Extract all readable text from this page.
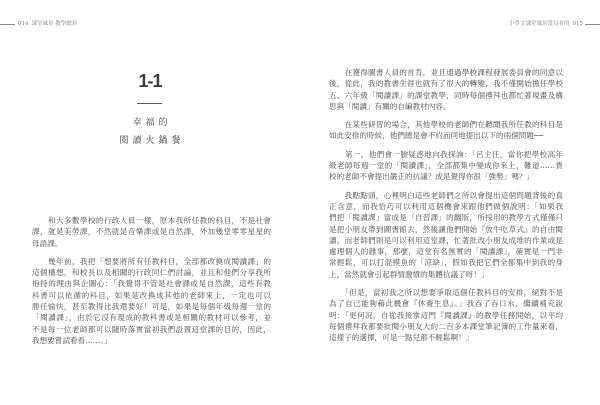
014 課堂風景 教學總彩
1-1
幸福的
閱讀火鍋餐
　　和大多數學校的行政人員一樣，原本我所任教的科目，不是社會
課，就是美勞課，不然就是音樂課或是自然課，外加幾堂零零星星的
母語課。
　　幾年前，我把「想要將所有任教科目，全部都改換成閱讀課」的
這個構想，和校長以及相關的行政同仁們討論，並且和他們分享我所
抱持的理由與企圖心：「我覺得不管是社會課或是自然課，這些有教
科書可以依循的科目，如果是改換成其他的老師來上，一定也可以
勝任愉快，甚至教得比我還要好！可是，如果是每個年級每週一堂的
「閱讀課」，由於它沒有現成的教科書或是相關的教材可以參考，並
不是每一位老師都可以隨時落實當初我們設置這堂課的目的，因此，
我想要嘗試看看……。」
小學文課堂風景當局看的 015
　　在獲得圖書人員的首肯，並且通過學校課程發展委員會的同意以
後，從此，我的教書生涯也就有了很大的轉變，我不僅開始擔任學校
五、六年級「閱讀課」的課堂教學，同時每個禮拜也都忙著規畫及構
思與「閱讀」有關的自編教材內容。
　　在某些研習的場合，其他學校的老師們在聽聞我所任教的科目是
如此安排的時候，他們總是會不約而同地提出以下的兩個問題──
　　第一，他們會一臉疑惑地向我探詢：「呂主任，當你把學校高年
級老師每週一堂的「閱讀課」，全部都集中變成你來上，難道……貴
校的老師不會提出嚴正的抗議？或是覺得你很「強勢」嗎？」
　　我點點頭，心裡明白這些老師們之所以會提出這個問題背後的真
正含意，而我恰巧可以利用這個機會來跟他們做個說明：「如果我
們把「閱讀課」當成是「自習課」的翻版，所採用的教學方式僅僅只
是把小朋友帶到圖書館去，然後讓他們開始『放牛吃草式』的自由閱
讀，而老師們則是可以利用這堂課，忙著批改小朋友成堆的作業或是
處理個人的雜事，那麼，這堂有名無實的「閱讀課」，確實是一門非
常輕鬆，可以打混摸魚的「涼缺」，假如我把它們全都集中到我的身
上，當然就會引起群情激憤的集體抗議了呀！」
　　「但是，當初我之所以想要爭取這個任教科目的安排，絕對不是
為了自己能夠藉此機會『休養生息』。」我吞了吞口水，繼續補充說
明：「更何況，自從我接掌這門『閱讀課』的教學任務開始，以平均
每個禮拜我都要批閱小朋友大約二百多本課堂筆記簿的工作量來看，
這樣子的選擇，可是一點兒都不輕鬆啊！」
